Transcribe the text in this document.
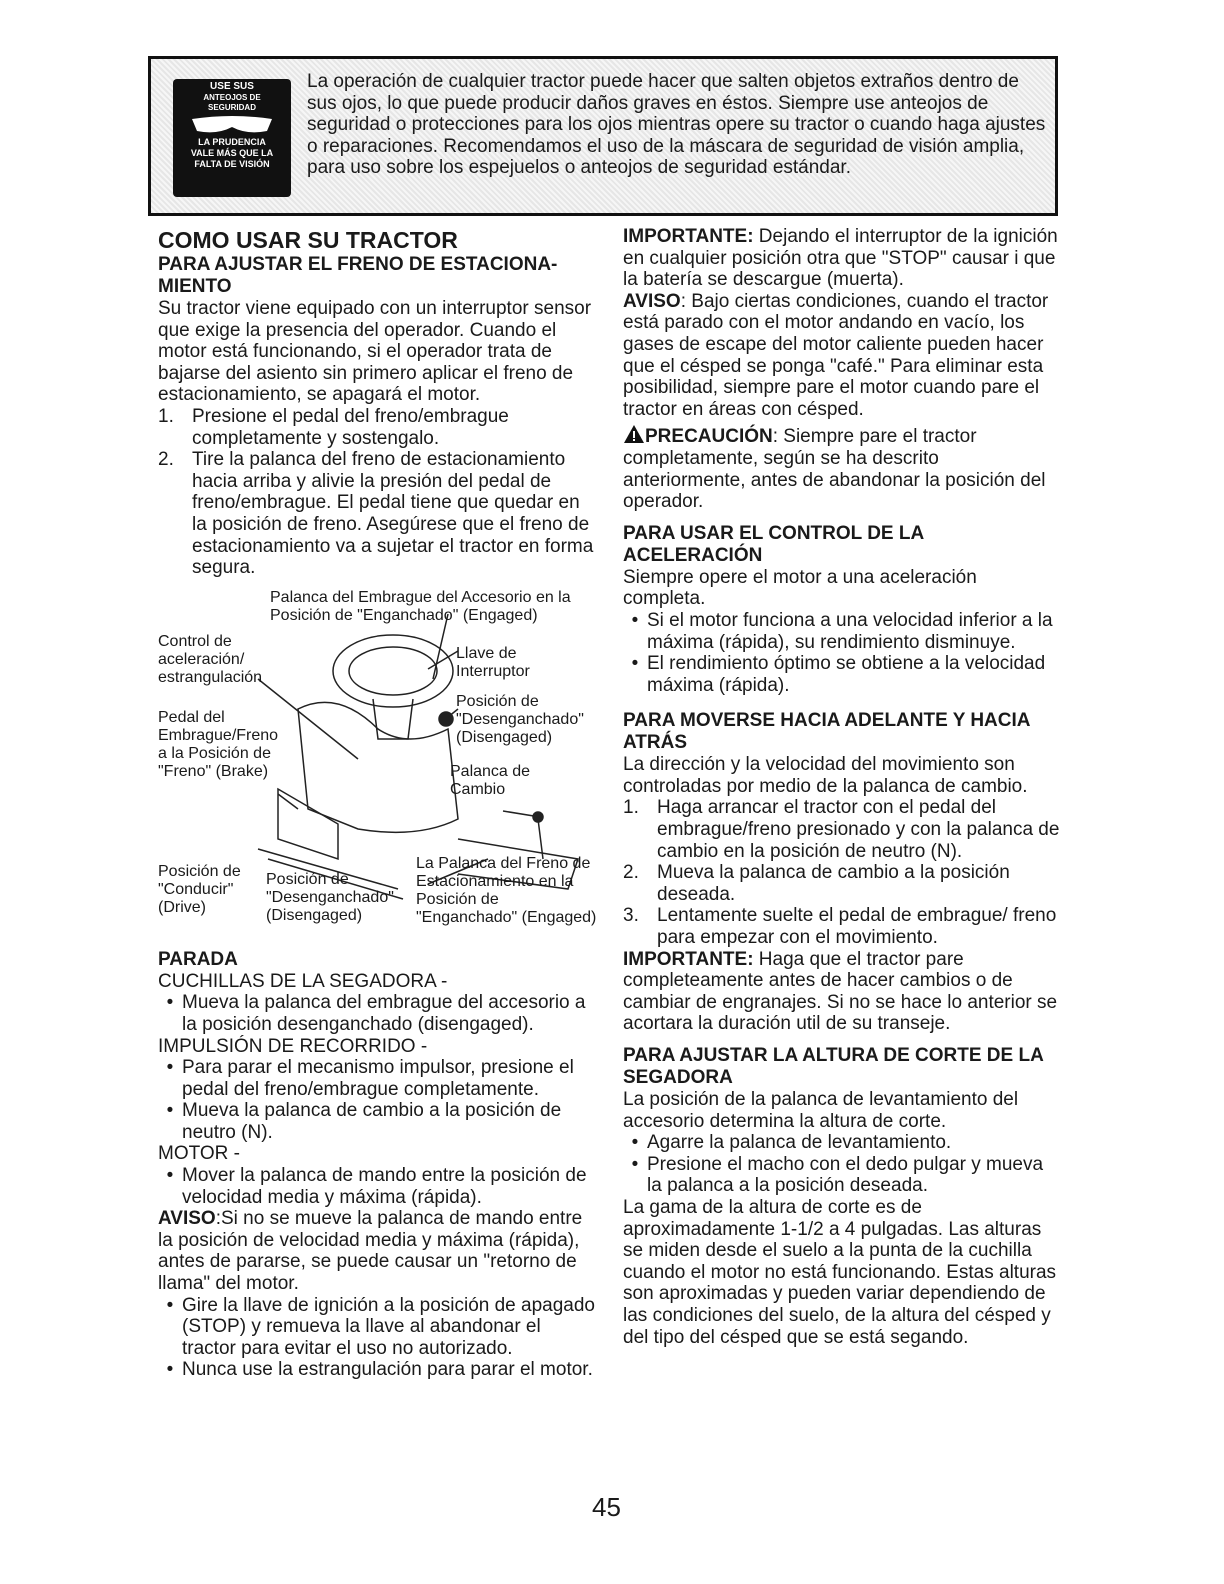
USE SUS
ANTEOJOS DE
SEGURIDAD
LA PRUDENCIA
VALE MÁS QUE LA
FALTA DE VISIÓN
La operación de cualquier tractor puede hacer que salten objetos extraños dentro de sus ojos, lo que puede producir daños graves en éstos. Siempre use anteojos de seguridad o protecciones para los ojos mientras opere su tractor o cuando haga ajustes o reparaciones. Recomendamos el uso de la máscara de seguridad de visión amplia, para uso sobre los espejuelos o anteojos de seguridad estándar.
COMO USAR SU TRACTOR
PARA AJUSTAR EL FRENO DE ESTACIONAMIENTO

Su tractor viene equipado con un interruptor sensor que exige la presencia del operador. Cuando el motor está funcionando, si el operador trata de bajarse del asiento sin primero aplicar el freno de estacionamiento, se apagará el motor.

1. Presione el pedal del freno/embrague completamente y sostengalo.
2. Tire la palanca del freno de estacionamiento hacia arriba y alivie la presión del pedal de freno/embrague. El pedal tiene que quedar en la posición de freno. Asegúrese que el freno de estacionamiento va a sujetar el tractor en forma segura.
Palanca del Embrague del Accesorio en la Posición de "Enganchado" (Engaged)
Control de aceleración/ estrangulación
Llave de Interruptor
Posición de "Desenganchado" (Disengaged)
Pedal del Embrague/Freno a la Posición de "Freno" (Brake)	Palanca de Cambio
Posición de "Conducir" (Drive)
Posición de "Desenganchado" (Disengaged)
La Palanca del Freno de Estacionamiento en la Posición de "Enganchado" (Engaged)
PARADA

CUCHILLAS DE LA SEGADORA -

• Mueva la palanca del embrague del accesorio a la posición desenganchado (disengaged).

IMPULSIÓN DE RECORRIDO -

• Para parar el mecanismo impulsor, presione el pedal del freno/embrague completamente.
• Mueva la palanca de cambio a la posición de neutro (N).

MOTOR -

• Mover la palanca de mando entre la posición de velocidad media y máxima (rápida).

AVISO:Si no se mueve la palanca de mando entre la posición de velocidad media y máxima (rápida), antes de pararse, se puede causar un "retorno de llama" del motor.

• Gire la llave de ignición a la posición de apagado (STOP) y remueva la llave al abandonar el tractor para evitar el uso no autorizado.
• Nunca use la estrangulación para parar el motor.

IMPORTANTE: Dejando el interruptor de la ignición en cualquier posición otra que "STOP" causar i que la batería se descargue (muerta).

AVISO: Bajo ciertas condiciones, cuando el tractor está parado con el motor andando en vacío, los gases de escape del motor caliente pueden hacer que el césped se ponga "café." Para eliminar esta posibilidad, siempre pare el motor cuando pare el tractor en áreas con césped.

PRECAUCIÓN: Siempre pare el tractor completamente, según se ha descrito anteriormente, antes de abandonar la posición del operador.

PARA USAR EL CONTROL DE LA ACELERACIÓN

Siempre opere el motor a una aceleración completa.

• Si el motor funciona a una velocidad inferior a la máxima (rápida), su rendimiento disminuye.
• El rendimiento óptimo se obtiene a la velocidad máxima (rápida).
PARA MOVERSE HACIA ADELANTE Y HACIA ATRÁS

La dirección y la velocidad del movimiento son controladas por medio de la palanca de cambio.

1. Haga arrancar el tractor con el pedal del embrague/freno presionado y con la palanca de cambio en la posición de neutro (N).
2. Mueva la palanca de cambio a la posición deseada.
3. Lentamente suelte el pedal de embrague/ freno para empezar con el movimiento.

IMPORTANTE: Haga que el tractor pare completeamente antes de hacer cambios o de cambiar de engranajes. Si no se hace lo anterior se acortara la duración util de su transeje.

PARA AJUSTAR LA ALTURA DE CORTE DE LA SEGADORA

La posición de la palanca de levantamiento del accesorio determina la altura de corte.

• Agarre la palanca de levantamiento.
• Presione el macho con el dedo pulgar y mueva la palanca a la posición deseada.

La gama de la altura de corte es de aproximadamente 1-1/2 a 4 pulgadas. Las alturas se miden desde el suelo a la punta de la cuchilla cuando el motor no está funcionando. Estas alturas son aproximadas y pueden variar dependiendo de las condiciones del suelo, de la altura del césped y del tipo del césped que se está segando.

45
